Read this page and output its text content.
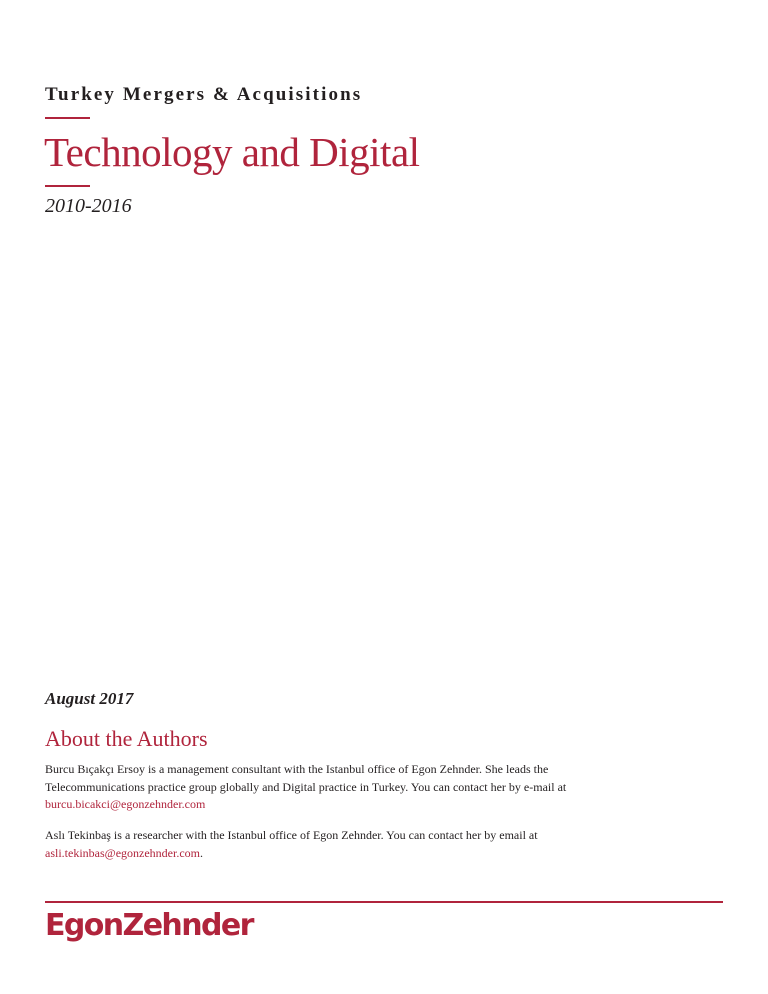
Turkey Mergers & Acquisitions
Technology and Digital
2010-2016
August 2017
About the Authors
Burcu Bıçakçı Ersoy is a management consultant with the Istanbul office of Egon Zehnder. She leads the
Telecommunications practice group globally and Digital practice in Turkey. You can contact her by e-mail at
burcu.bicakci@egonzehnder.com
Aslı Tekinbaş is a researcher with the Istanbul office of Egon Zehnder. You can contact her by email at
asli.tekinbas@egonzehnder.com.
EgonZehnder
